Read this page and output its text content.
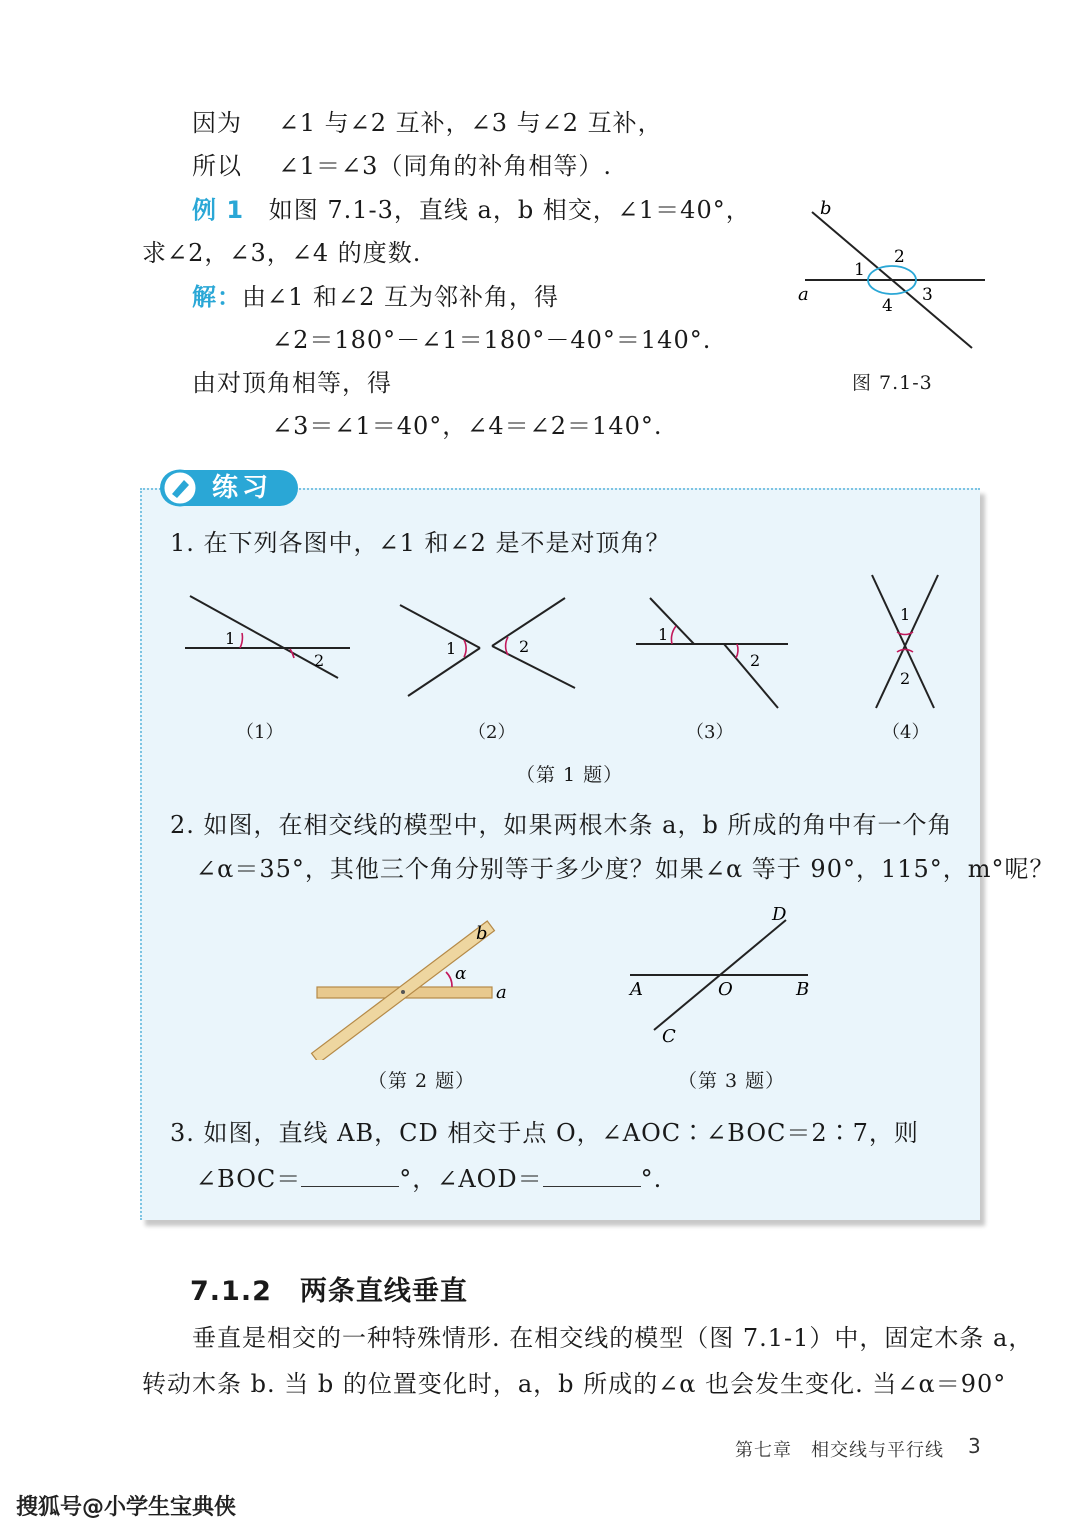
因为 ∠1 与∠2 互补，∠3 与∠2 互补，
所以 ∠1＝∠3（同角的补角相等）.
例 1 如图 7.1-3，直线 a，b 相交，∠1＝40°，
求∠2，∠3，∠4 的度数.
解：由∠1 和∠2 互为邻补角，得
∠2＝180°－∠1＝180°－40°＝140°.
由对顶角相等，得
∠3＝∠1＝40°，∠4＝∠2＝140°.
b
a
1
2
3
4
图 7.1-3
练习
1. 在下列各图中，∠1 和∠2 是不是对顶角？
1
2
1	2
1
2
1
2
（1）	（2）	（3）	（4）
（第 1 题）
2. 如图，在相交线的模型中，如果两根木条 a，b 所成的角中有一个角
∠α＝35°，其他三个角分别等于多少度？如果∠α 等于 90°，115°，m°呢？
b
a
α
（第 2 题）
A	O	B
C
D
（第 3 题）
3. 如图，直线 AB，CD 相交于点 O，∠AOC∶∠BOC＝2∶7，则
∠BOC＝	°，∠AOD＝	°.
7.1.2　两条直线垂直
垂直是相交的一种特殊情形. 在相交线的模型（图 7.1-1）中，固定木条 a，
转动木条 b. 当 b 的位置变化时，a，b 所成的∠α 也会发生变化. 当∠α＝90°
第七章　相交线与平行线 3
搜狐号@小学生宝典侠
